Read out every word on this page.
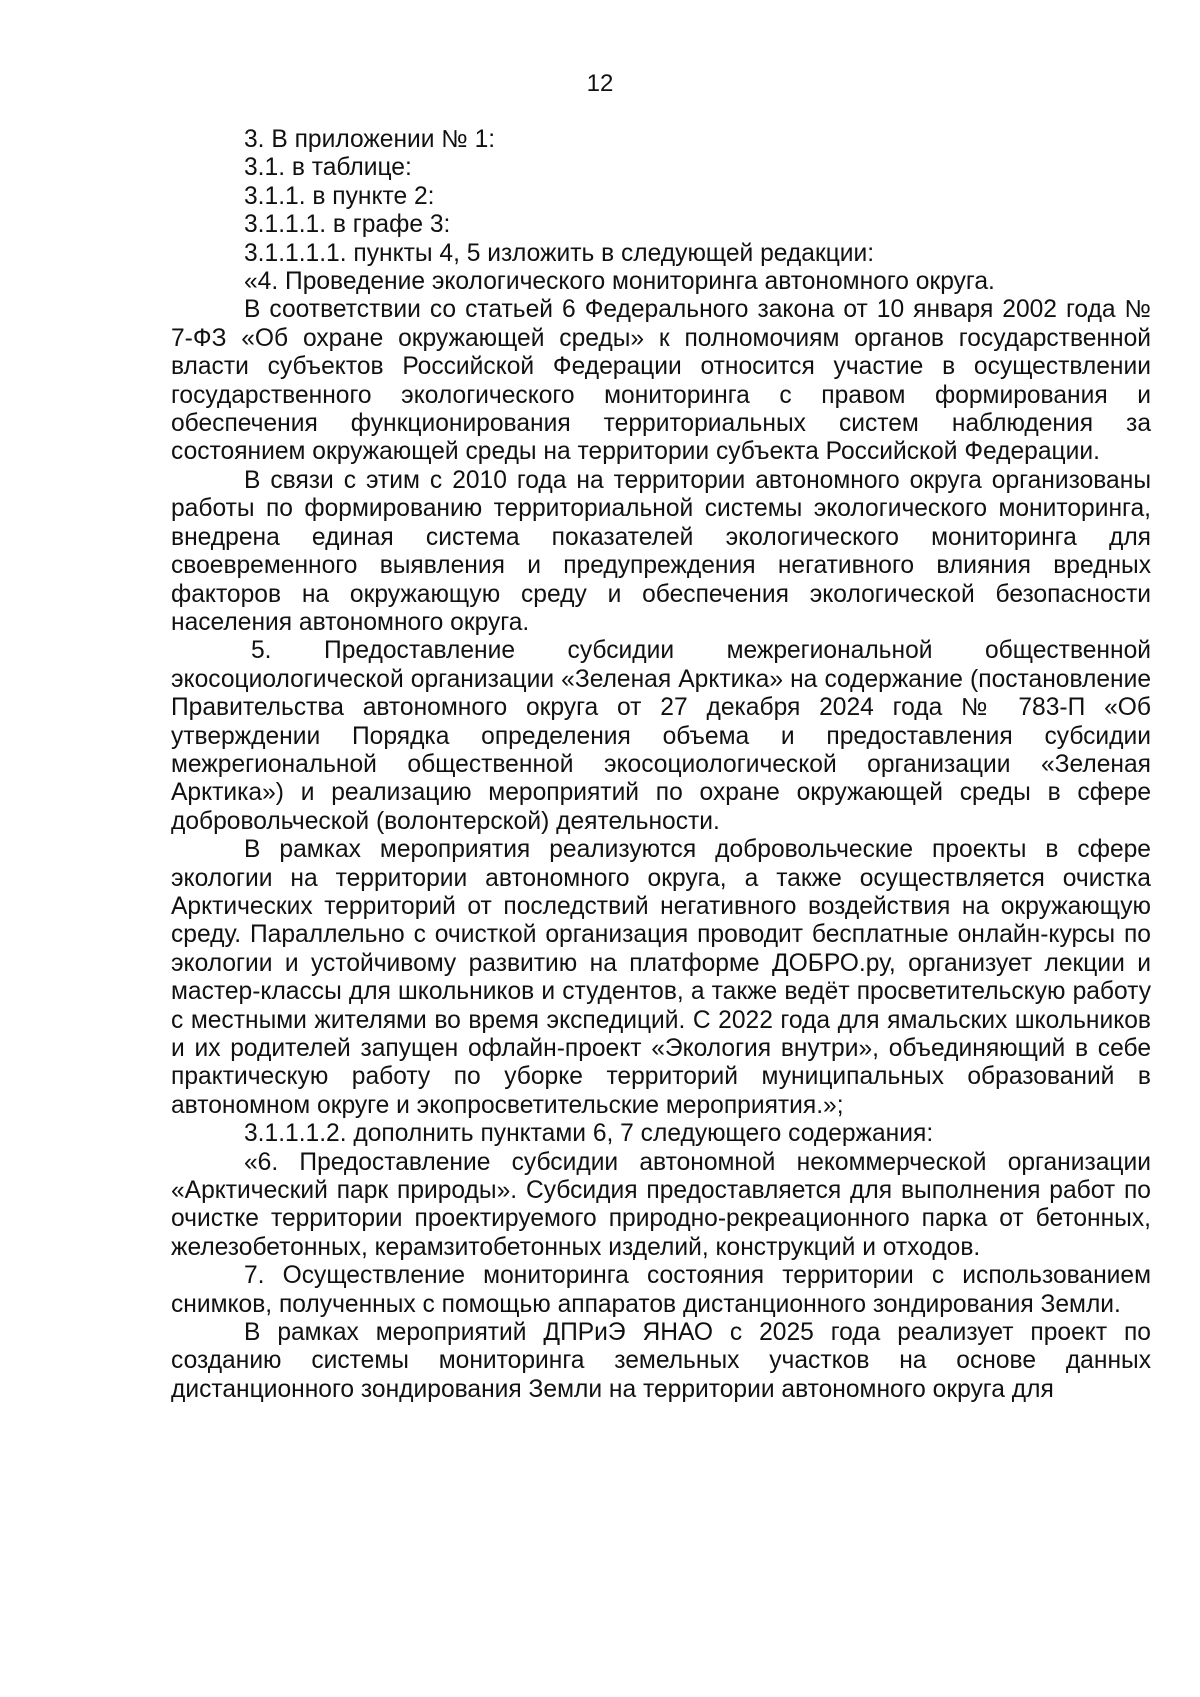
12

3. В приложении № 1:

3.1. в таблице:

3.1.1. в пункте 2:

3.1.1.1. в графе 3:

3.1.1.1.1. пункты 4, 5 изложить в следующей редакции:

«4. Проведение экологического мониторинга автономного округа.

В соответствии со статьей 6 Федерального закона от 10 января 2002 года № 7-ФЗ «Об охране окружающей среды» к полномочиям органов государственной власти субъектов Российской Федерации относится участие в осуществлении государственного экологического мониторинга с правом формирования и обеспечения функционирования территориальных систем наблюдения за состоянием окружающей среды на территории субъекта Российской Федерации.

В связи с этим с 2010 года на территории автономного округа организованы работы по формированию территориальной системы экологического мониторинга, внедрена единая система показателей экологического мониторинга для своевременного выявления и предупреждения негативного влияния вредных факторов на окружающую среду и обеспечения экологической безопасности населения автономного округа.

5. Предоставление субсидии межрегиональной общественной экосоциологической организации «Зеленая Арктика» на содержание (постановление Правительства автономного округа от 27 декабря 2024 года № 783-П «Об утверждении Порядка определения объема и предоставления субсидии межрегиональной общественной экосоциологической организации «Зеленая Арктика») и реализацию мероприятий по охране окружающей среды в сфере добровольческой (волонтерской) деятельности.

В рамках мероприятия реализуются добровольческие проекты в сфере экологии на территории автономного округа, а также осуществляется очистка Арктических территорий от последствий негативного воздействия на окружающую среду. Параллельно с очисткой организация проводит бесплатные онлайн-курсы по экологии и устойчивому развитию на платформе ДОБРО.ру, организует лекции и мастер-классы для школьников и студентов, а также ведёт просветительскую работу с местными жителями во время экспедиций. С 2022 года для ямальских школьников и их родителей запущен офлайн-проект «Экология внутри», объединяющий в себе практическую работу по уборке территорий муниципальных образований в автономном округе и экопросветительские мероприятия.»;

3.1.1.1.2. дополнить пунктами 6, 7 следующего содержания:

«6. Предоставление субсидии автономной некоммерческой организации «Арктический парк природы». Субсидия предоставляется для выполнения работ по очистке территории проектируемого природно-рекреационного парка от бетонных, железобетонных, керамзитобетонных изделий, конструкций и отходов.

7. Осуществление мониторинга состояния территории с использованием снимков, полученных с помощью аппаратов дистанционного зондирования Земли.

В рамках мероприятий ДПРиЭ ЯНАО с 2025 года реализует проект по созданию системы мониторинга земельных участков на основе данных дистанционного зондирования Земли на территории автономного округа для
